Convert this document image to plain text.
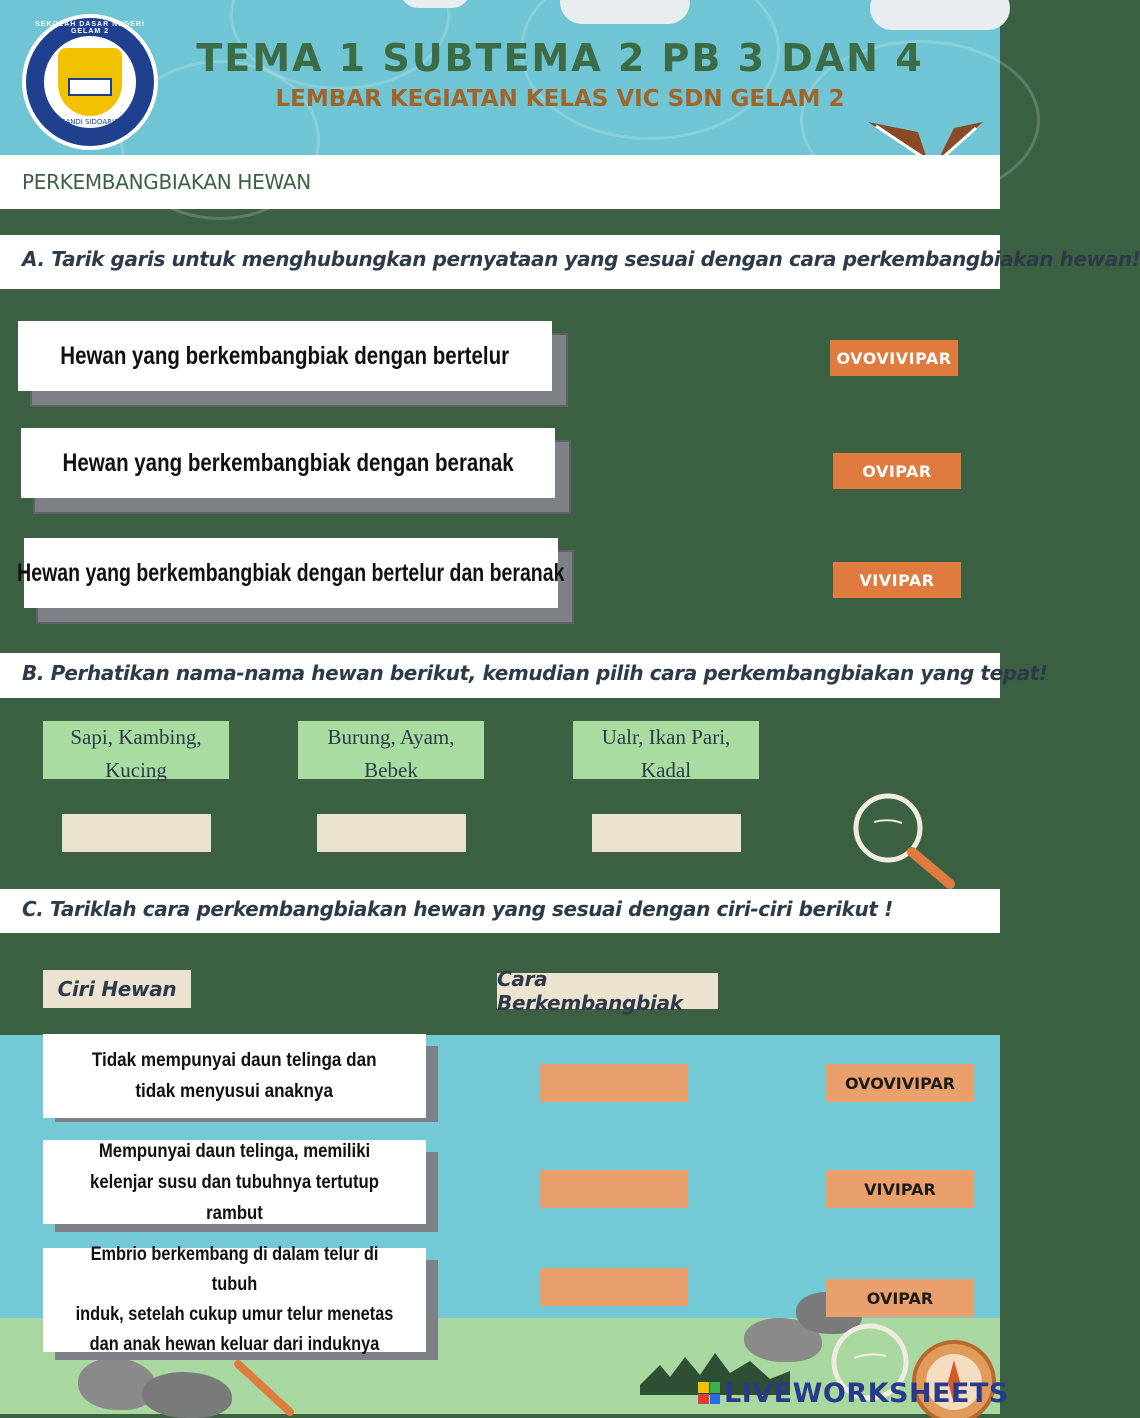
SEKOLAH DASAR NEGERI GELAM 2
CANDI SIDOARJO
TEMA 1 SUBTEMA 2 PB 3 DAN 4
LEMBAR KEGIATAN KELAS VIC SDN GELAM 2
PERKEMBANGBIAKAN HEWAN
A. Tarik garis untuk menghubungkan pernyataan yang sesuai dengan cara perkembangbiakan hewan!
Hewan yang berkembangbiak dengan bertelur
Hewan yang berkembangbiak dengan beranak
Hewan yang berkembangbiak dengan bertelur dan beranak
OVOVIVIPAR
OVIPAR
VIVIPAR
B. Perhatikan nama-nama hewan berikut, kemudian pilih cara perkembangbiakan yang tepat!
Sapi, Kambing,
Kucing
Burung, Ayam,
Bebek
Ualr, Ikan Pari,
Kadal
C. Tariklah cara perkembangbiakan hewan yang sesuai dengan ciri-ciri berikut !
Ciri Hewan	Cara Berkembangbiak
Tidak mempunyai daun telinga dan
tidak menyusui anaknya
Mempunyai daun telinga, memiliki
kelenjar susu dan tubuhnya tertutup rambut
Embrio berkembang di dalam telur di tubuh
induk, setelah cukup umur telur menetas
dan anak hewan keluar dari induknya
OVOVIVIPAR
VIVIPAR
OVIPAR
LIVEWORKSHEETS
